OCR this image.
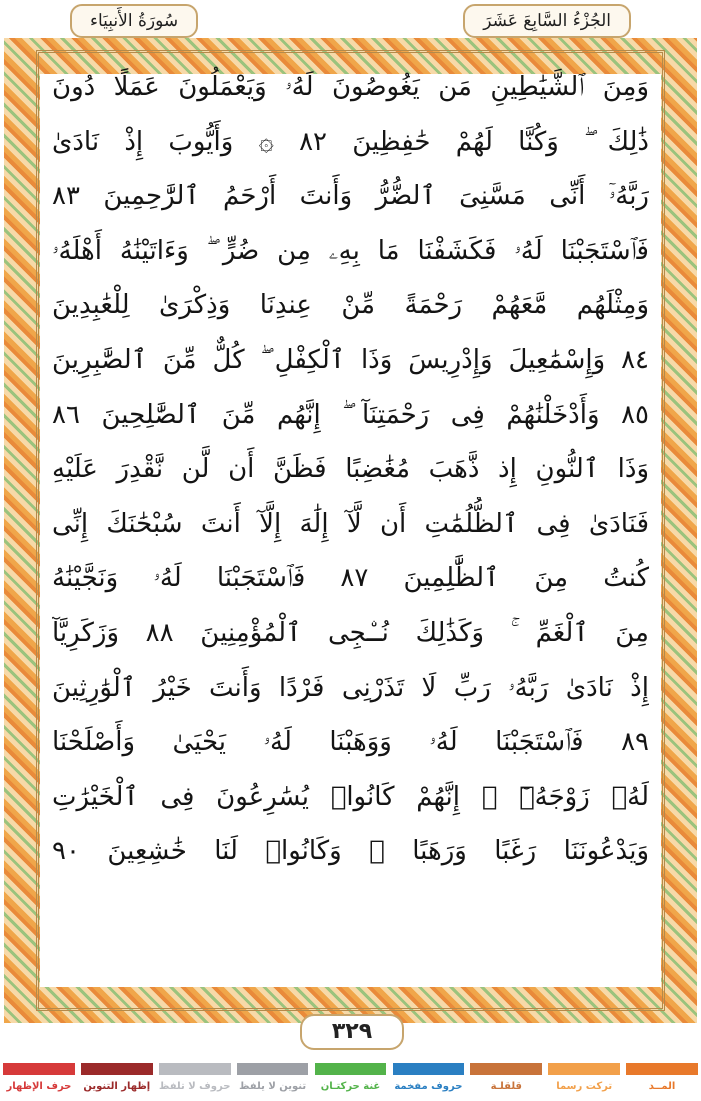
الجُزْءُ السَّابِعَ عَشَرَ
سُورَةُ الأَنبِيَاء
وَمِنَ ٱلشَّيَٰطِينِ مَن يَغُوصُونَ لَهُۥ وَيَعْمَلُونَ عَمَلًا دُونَ
ذَٰلِكَ ۖ وَكُنَّا لَهُمْ حَٰفِظِينَ ٨٢ ۞ وَأَيُّوبَ إِذْ نَادَىٰ
رَبَّهُۥٓ أَنِّى مَسَّنِىَ ٱلضُّرُّ وَأَنتَ أَرْحَمُ ٱلرَّٰحِمِينَ ٨٣
فَٱسْتَجَبْنَا لَهُۥ فَكَشَفْنَا مَا بِهِۦ مِن ضُرٍّ ۖ وَءَاتَيْنَٰهُ أَهْلَهُۥ
وَمِثْلَهُم مَّعَهُمْ رَحْمَةً مِّنْ عِندِنَا وَذِكْرَىٰ لِلْعَٰبِدِينَ
٨٤ وَإِسْمَٰعِيلَ وَإِدْرِيسَ وَذَا ٱلْكِفْلِ ۖ كُلٌّ مِّنَ ٱلصَّٰبِرِينَ
٨٥ وَأَدْخَلْنَٰهُمْ فِى رَحْمَتِنَآ ۖ إِنَّهُم مِّنَ ٱلصَّٰلِحِينَ ٨٦
وَذَا ٱلنُّونِ إِذ ذَّهَبَ مُغَٰضِبًا فَظَنَّ أَن لَّن نَّقْدِرَ عَلَيْهِ
فَنَادَىٰ فِى ٱلظُّلُمَٰتِ أَن لَّآ إِلَٰهَ إِلَّآ أَنتَ سُبْحَٰنَكَ إِنِّى
كُنتُ مِنَ ٱلظَّٰلِمِينَ ٨٧ فَٱسْتَجَبْنَا لَهُۥ وَنَجَّيْنَٰهُ
مِنَ ٱلْغَمِّ ۚ وَكَذَٰلِكَ نُـۨجِى ٱلْمُؤْمِنِينَ ٨٨ وَزَكَرِيَّآ
إِذْ نَادَىٰ رَبَّهُۥ رَبِّ لَا تَذَرْنِى فَرْدًا وَأَنتَ خَيْرُ ٱلْوَٰرِثِينَ
٨٩ فَٱسْتَجَبْنَا لَهُۥ وَوَهَبْنَا لَهُۥ يَحْيَىٰ وَأَصْلَحْنَا
لَهُۥ زَوْجَهُۥٓ ۚ إِنَّهُمْ كَانُوا۟ يُسَٰرِعُونَ فِى ٱلْخَيْرَٰتِ
وَيَدْعُونَنَا رَغَبًا وَرَهَبًا ۖ وَكَانُوا۟ لَنَا خَٰشِعِينَ ٩٠
٣٢٩
المــد
تركت رسما
قلقلـة
حروف مفخمة
غنة حركتـان
تنوين لا يلفظ
حروف لا تلفظ
إظهار التنوين
حرف الإظهار
